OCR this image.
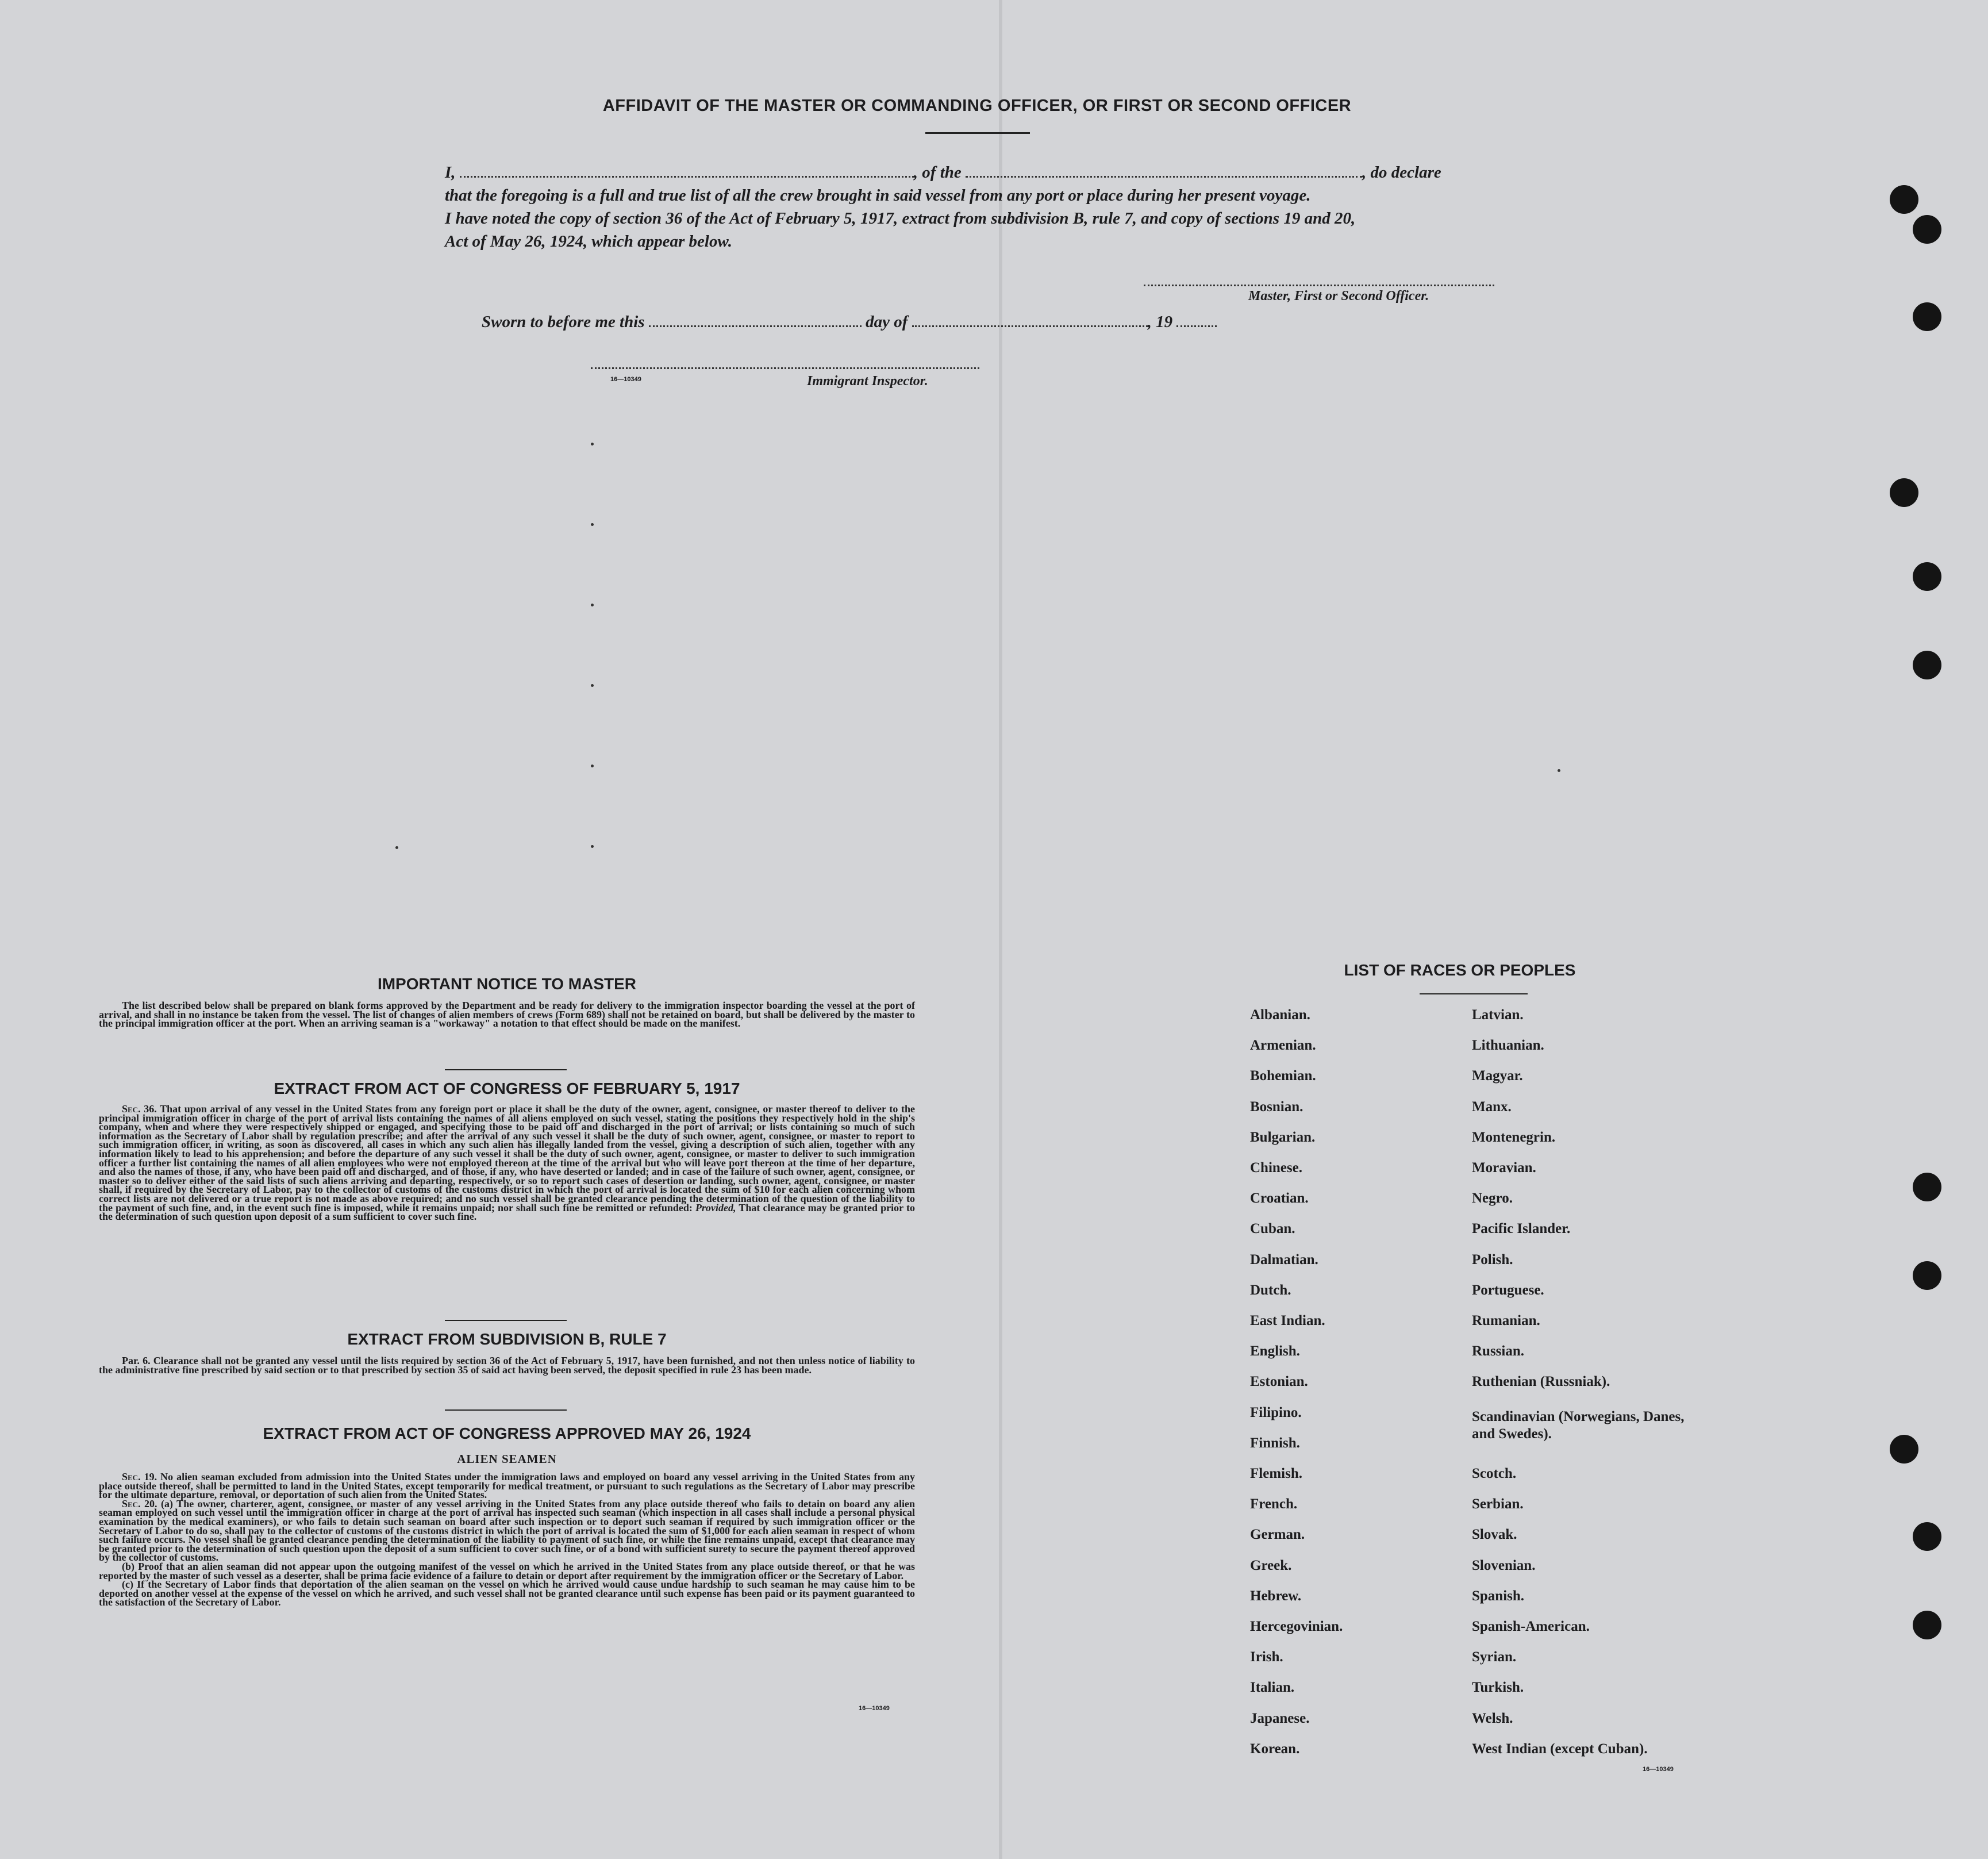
AFFIDAVIT OF THE MASTER OR COMMANDING OFFICER, OR FIRST OR SECOND OFFICER
I,	, of the	, do declare
that the foregoing is a full and true list of all the crew brought in said vessel from any port or place during her present voyage.
I have noted the copy of section 36 of the Act of February 5, 1917, extract from subdivision B, rule 7, and copy of sections 19 and 20,
Act of May 26, 1924, which appear below.
Master, First or Second Officer.
Sworn to before me this	day of	, 19
16—10349	Immigrant Inspector.
IMPORTANT NOTICE TO MASTER

The list described below shall be prepared on blank forms approved by the Department and be ready for delivery to the immigration inspector boarding the vessel at the port of arrival, and shall in no instance be taken from the vessel. The list of changes of alien members of crews (Form 689) shall not be retained on board, but shall be delivered by the master to the principal immigration officer at the port. When an arriving seaman is a "workaway" a notation to that effect should be made on the manifest.

EXTRACT FROM ACT OF CONGRESS OF FEBRUARY 5, 1917

Sec. 36. That upon arrival of any vessel in the United States from any foreign port or place it shall be the duty of the owner, agent, consignee, or master thereof to deliver to the principal immigration officer in charge of the port of arrival lists containing the names of all aliens employed on such vessel, stating the positions they respectively hold in the ship's company, when and where they were respectively shipped or engaged, and specifying those to be paid off and discharged in the port of arrival; or lists containing so much of such information as the Secretary of Labor shall by regulation prescribe; and after the arrival of any such vessel it shall be the duty of such owner, agent, consignee, or master to report to such immigration officer, in writing, as soon as discovered, all cases in which any such alien has illegally landed from the vessel, giving a description of such alien, together with any information likely to lead to his apprehension; and before the departure of any such vessel it shall be the duty of such owner, agent, consignee, or master to deliver to such immigration officer a further list containing the names of all alien employees who were not employed thereon at the time of the arrival but who will leave port thereon at the time of her departure, and also the names of those, if any, who have been paid off and discharged, and of those, if any, who have deserted or landed; and in case of the failure of such owner, agent, consignee, or master so to deliver either of the said lists of such aliens arriving and departing, respectively, or so to report such cases of desertion or landing, such owner, agent, consignee, or master shall, if required by the Secretary of Labor, pay to the collector of customs of the customs district in which the port of arrival is located the sum of $10 for each alien concerning whom correct lists are not delivered or a true report is not made as above required; and no such vessel shall be granted clearance pending the determination of the question of the liability to the payment of such fine, and, in the event such fine is imposed, while it remains unpaid; nor shall such fine be remitted or refunded: Provided, That clearance may be granted prior to the determination of such question upon deposit of a sum sufficient to cover such fine.

EXTRACT FROM SUBDIVISION B, RULE 7

Par. 6. Clearance shall not be granted any vessel until the lists required by section 36 of the Act of February 5, 1917, have been furnished, and not then unless notice of liability to the administrative fine prescribed by said section or to that prescribed by section 35 of said act having been served, the deposit specified in rule 23 has been made.

EXTRACT FROM ACT OF CONGRESS APPROVED MAY 26, 1924
ALIEN SEAMEN

Sec. 19. No alien seaman excluded from admission into the United States under the immigration laws and employed on board any vessel arriving in the United States from any place outside thereof, shall be permitted to land in the United States, except temporarily for medical treatment, or pursuant to such regulations as the Secretary of Labor may prescribe for the ultimate departure, removal, or deportation of such alien from the United States.

Sec. 20. (a) The owner, charterer, agent, consignee, or master of any vessel arriving in the United States from any place outside thereof who fails to detain on board any alien seaman employed on such vessel until the immigration officer in charge at the port of arrival has inspected such seaman (which inspection in all cases shall include a personal physical examination by the medical examiners), or who fails to detain such seaman on board after such inspection or to deport such seaman if required by such immigration officer or the Secretary of Labor to do so, shall pay to the collector of customs of the customs district in which the port of arrival is located the sum of $1,000 for each alien seaman in respect of whom such failure occurs. No vessel shall be granted clearance pending the determination of the liability to payment of such fine, or while the fine remains unpaid, except that clearance may be granted prior to the determination of such question upon the deposit of a sum sufficient to cover such fine, or of a bond with sufficient surety to secure the payment thereof approved by the collector of customs.

(b) Proof that an alien seaman did not appear upon the outgoing manifest of the vessel on which he arrived in the United States from any place outside thereof, or that he was reported by the master of such vessel as a deserter, shall be prima facie evidence of a failure to detain or deport after requirement by the immigration officer or the Secretary of Labor.

(c) If the Secretary of Labor finds that deportation of the alien seaman on the vessel on which he arrived would cause undue hardship to such seaman he may cause him to be deported on another vessel at the expense of the vessel on which he arrived, and such vessel shall not be granted clearance until such expense has been paid or its payment guaranteed to the satisfaction of the Secretary of Labor.

16—10349
LIST OF RACES OR PEOPLES
Albanian.
Armenian.
Bohemian.
Bosnian.
Bulgarian.
Chinese.
Croatian.
Cuban.
Dalmatian.
Dutch.
East Indian.
English.
Estonian.
Filipino.
Finnish.
Flemish.
French.
German.
Greek.
Hebrew.
Hercegovinian.
Irish.
Italian.
Japanese.
Korean.
Latvian.
Lithuanian.
Magyar.
Manx.
Montenegrin.
Moravian.
Negro.
Pacific Islander.
Polish.
Portuguese.
Rumanian.
Russian.
Ruthenian (Russniak).
Scandinavian (Norwegians, Danes, and Swedes).
Scotch.
Serbian.
Slovak.
Slovenian.
Spanish.
Spanish-American.
Syrian.
Turkish.
Welsh.
West Indian (except Cuban).
16—10349
